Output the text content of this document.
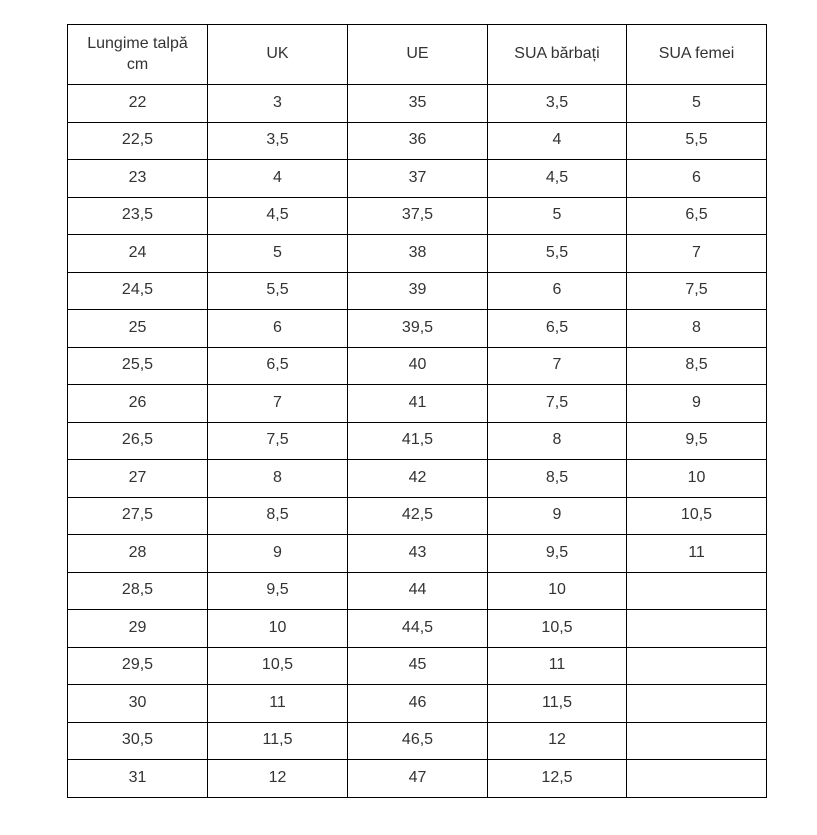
Lungime talpă cm	UK	UE	SUA bărbați	SUA femei
22	3	35	3,5	5
22,5	3,5	36	4	5,5
23	4	37	4,5	6
23,5	4,5	37,5	5	6,5
24	5	38	5,5	7
24,5	5,5	39	6	7,5
25	6	39,5	6,5	8
25,5	6,5	40	7	8,5
26	7	41	7,5	9
26,5	7,5	41,5	8	9,5
27	8	42	8,5	10
27,5	8,5	42,5	9	10,5
28	9	43	9,5	11
28,5	9,5	44	10	
29	10	44,5	10,5	
29,5	10,5	45	11	
30	11	46	11,5	
30,5	11,5	46,5	12	
31	12	47	12,5	
